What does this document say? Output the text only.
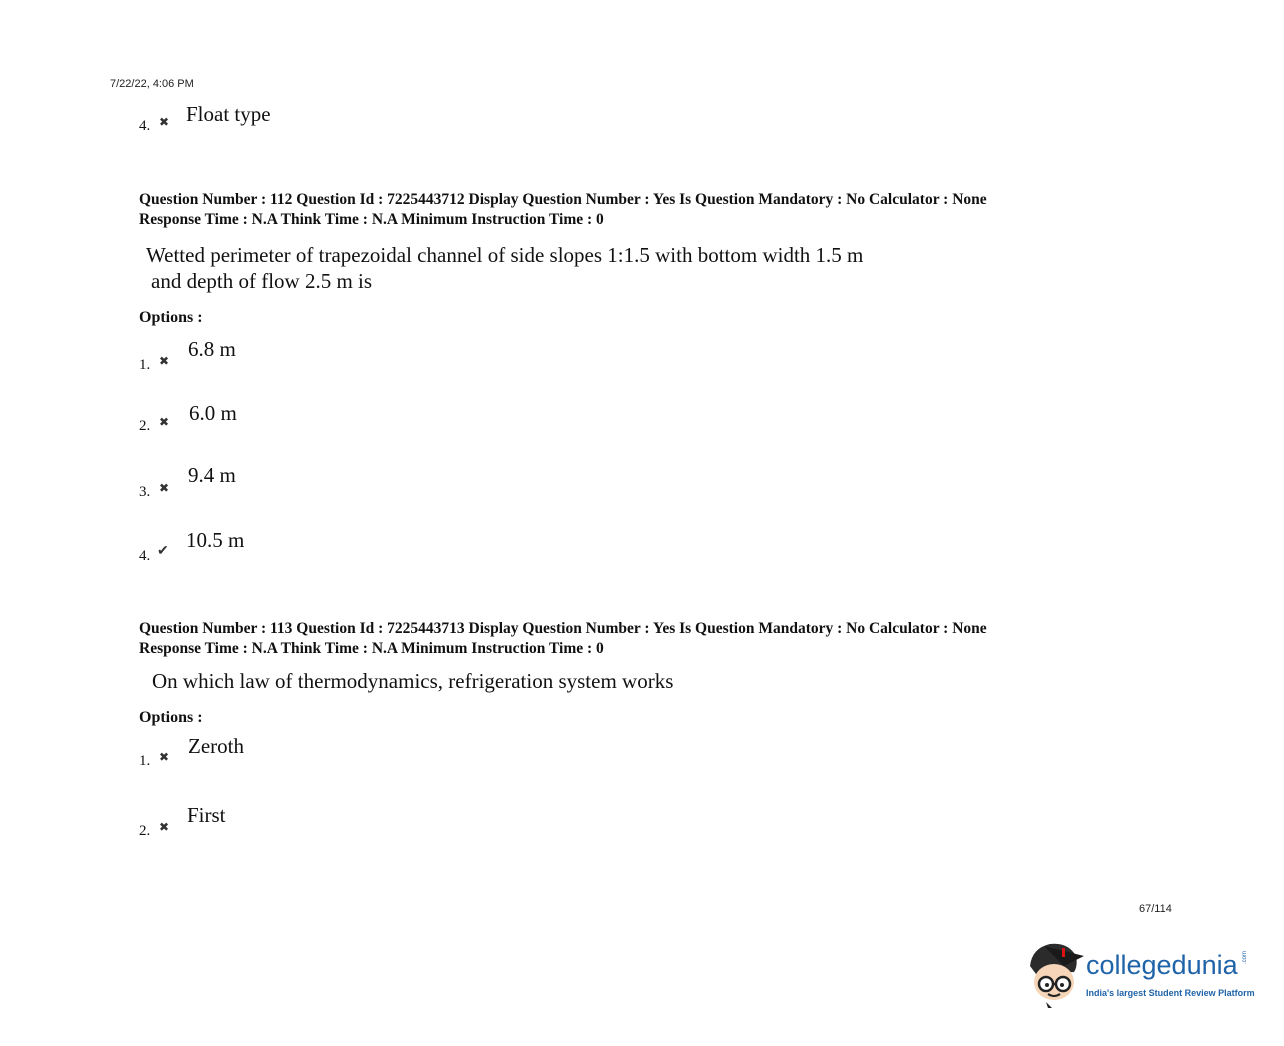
7/22/22, 4:06 PM
4. ✖ Float type
Question Number : 112 Question Id : 7225443712 Display Question Number : Yes Is Question Mandatory : No Calculator : None
Response Time : N.A Think Time : N.A Minimum Instruction Time : 0
Wetted perimeter of trapezoidal channel of side slopes 1:1.5 with bottom width 1.5 m
and depth of flow 2.5 m is
Options :
1. ✖ 6.8 m
2. ✖ 6.0 m
3. ✖
9.4 m
4. ✔ 10.5 m
Question Number : 113 Question Id : 7225443713 Display Question Number : Yes Is Question Mandatory : No Calculator : None
Response Time : N.A Think Time : N.A Minimum Instruction Time : 0
On which law of thermodynamics, refrigeration system works
Options :
1. ✖ Zeroth
2. ✖ First
67/114
collegedunia .com
India's largest Student Review Platform
